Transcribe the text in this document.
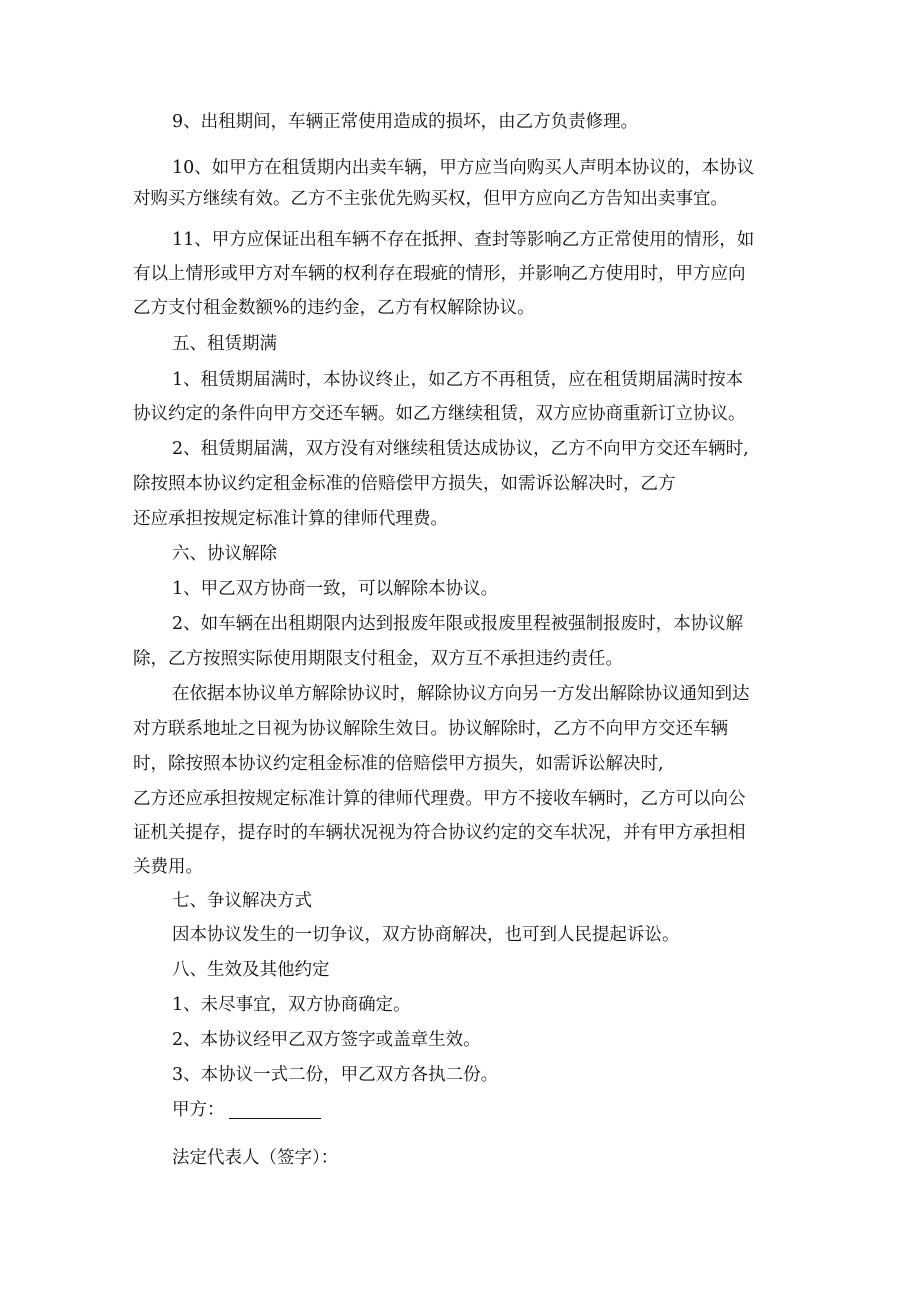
9、出租期间，车辆正常使用造成的损坏，由乙方负责修理。
10、如甲方在租赁期内出卖车辆，甲方应当向购买人声明本协议的，本协议
对购买方继续有效。乙方不主张优先购买权，但甲方应向乙方告知出卖事宜。
11、甲方应保证出租车辆不存在抵押、查封等影响乙方正常使用的情形，如
有以上情形或甲方对车辆的权利存在瑕疵的情形，并影响乙方使用时，甲方应向
乙方支付租金数额%的违约金，乙方有权解除协议。
五、租赁期满
1、租赁期届满时，本协议终止，如乙方不再租赁，应在租赁期届满时按本
协议约定的条件向甲方交还车辆。如乙方继续租赁，双方应协商重新订立协议。
2、租赁期届满，双方没有对继续租赁达成协议，乙方不向甲方交还车辆时,
除按照本协议约定租金标准的倍赔偿甲方损失，如需诉讼解决时，乙方
还应承担按规定标准计算的律师代理费。
六、协议解除
1、甲乙双方协商一致，可以解除本协议。
2、如车辆在出租期限内达到报废年限或报废里程被强制报废时，本协议解
除，乙方按照实际使用期限支付租金，双方互不承担违约责任。
在依据本协议单方解除协议时，解除协议方向另一方发出解除协议通知到达
对方联系地址之日视为协议解除生效日。协议解除时，乙方不向甲方交还车辆
时，除按照本协议约定租金标准的倍赔偿甲方损失，如需诉讼解决时,
乙方还应承担按规定标准计算的律师代理费。甲方不接收车辆时，乙方可以向公
证机关提存，提存时的车辆状况视为符合协议约定的交车状况，并有甲方承担相
关费用。
七、争议解决方式
因本协议发生的一切争议，双方协商解决，也可到人民提起诉讼。
八、生效及其他约定
1、未尽事宜，双方协商确定。
2、本协议经甲乙双方签字或盖章生效。
3、本协议一式二份，甲乙双方各执二份。
甲方：
法定代表人（签字）：
